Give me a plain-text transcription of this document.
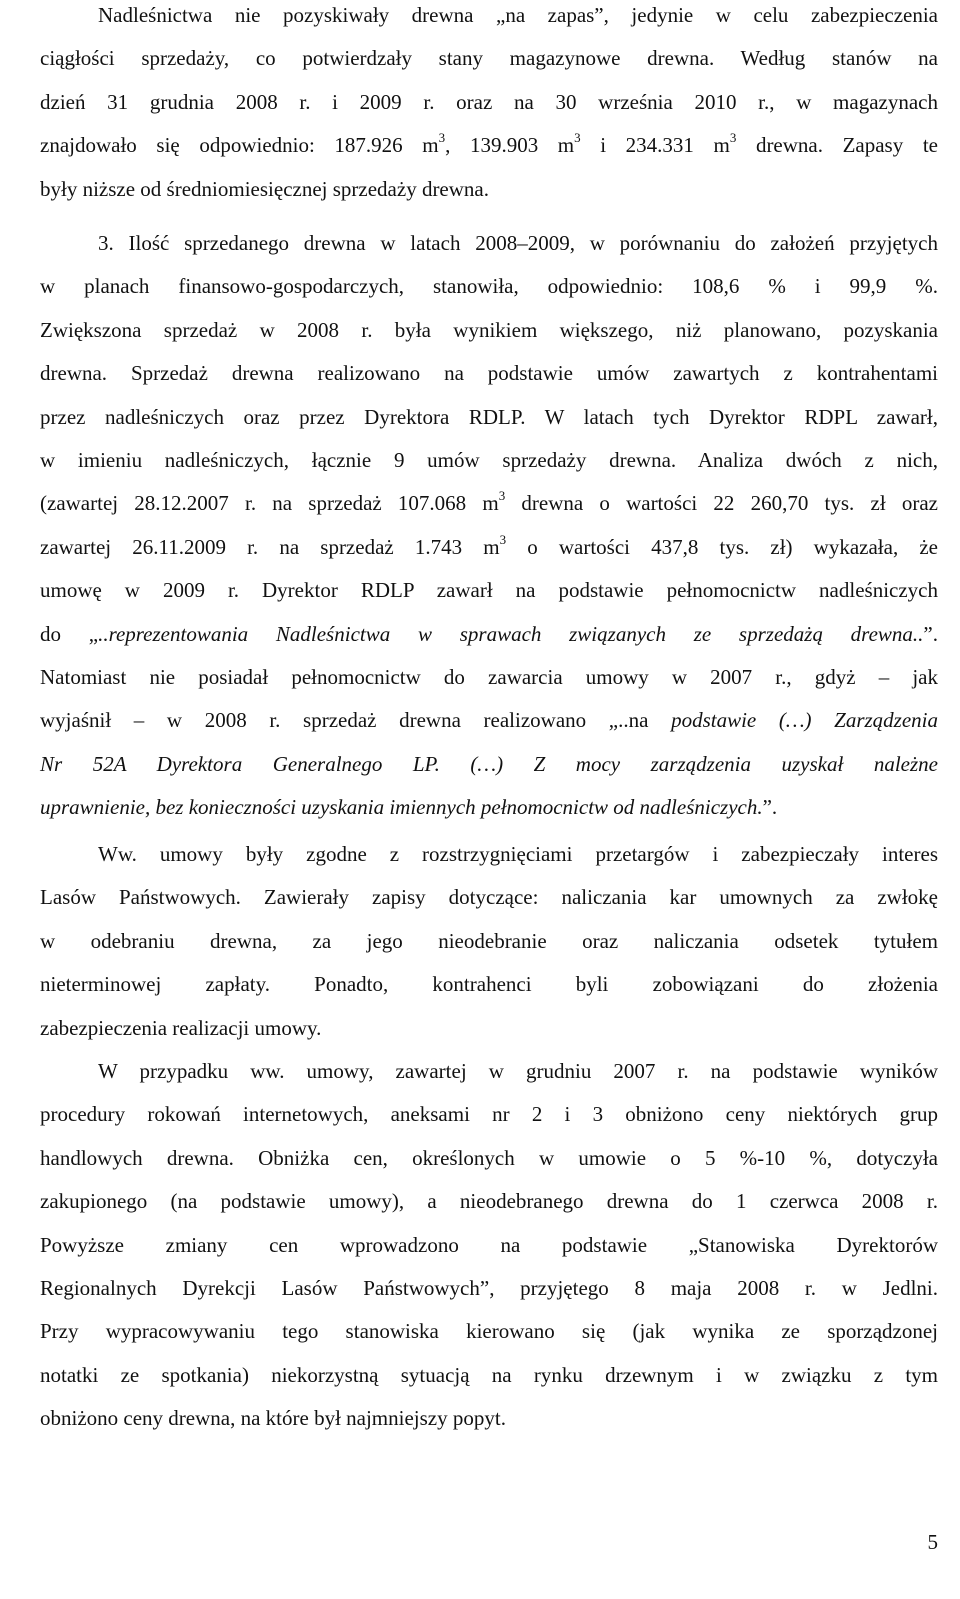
Nadleśnictwa nie pozyskiwały drewna „na zapas”, jedynie w celu zabezpieczenia
ciągłości sprzedaży, co potwierdzały stany magazynowe drewna. Według stanów na
dzień 31 grudnia 2008 r. i 2009 r. oraz na 30 września 2010 r., w magazynach
znajdowało się odpowiednio: 187.926 $m^3$, 139.903 $m^3$ i 234.331 $m^3$ drewna. Zapasy te
były niższe od średniomiesięcznej sprzedaży drewna.
3. Ilość sprzedanego drewna w latach 2008–2009, w porównaniu do założeń przyjętych
w planach finansowo-gospodarczych, stanowiła, odpowiednio: 108,6 % i 99,9 %.
Zwiększona sprzedaż w 2008 r. była wynikiem większego, niż planowano, pozyskania
drewna. Sprzedaż drewna realizowano na podstawie umów zawartych z kontrahentami
przez nadleśniczych oraz przez Dyrektora RDLP. W latach tych Dyrektor RDPL zawarł,
w imieniu nadleśniczych, łącznie 9 umów sprzedaży drewna. Analiza dwóch z nich,
(zawartej 28.12.2007 r. na sprzedaż 107.068 $m^3$ drewna o wartości 22 260,70 tys. zł oraz
zawartej 26.11.2009 r. na sprzedaż 1.743 $m^3$ o wartości 437,8 tys. zł) wykazała, że
umowę w 2009 r. Dyrektor RDLP zawarł na podstawie pełnomocnictw nadleśniczych
do „..reprezentowania Nadleśnictwa w sprawach związanych ze sprzedażą drewna..”.
Natomiast nie posiadał pełnomocnictw do zawarcia umowy w 2007 r., gdyż – jak
wyjaśnił – w 2008 r. sprzedaż drewna realizowano „..na podstawie (…) Zarządzenia
Nr 52A Dyrektora Generalnego LP. (…) Z mocy zarządzenia uzyskał należne
uprawnienie, bez konieczności uzyskania imiennych pełnomocnictw od nadleśniczych.”.
Ww. umowy były zgodne z rozstrzygnięciami przetargów i zabezpieczały interes
Lasów Państwowych. Zawierały zapisy dotyczące: naliczania kar umownych za zwłokę
w odebraniu drewna, za jego nieodebranie oraz naliczania odsetek tytułem
nieterminowej zapłaty. Ponadto, kontrahenci byli zobowiązani do złożenia
zabezpieczenia realizacji umowy.
W przypadku ww. umowy, zawartej w grudniu 2007 r. na podstawie wyników
procedury rokowań internetowych, aneksami nr 2 i 3 obniżono ceny niektórych grup
handlowych drewna. Obniżka cen, określonych w umowie o 5 %-10 %, dotyczyła
zakupionego (na podstawie umowy), a nieodebranego drewna do 1 czerwca 2008 r.
Powyższe zmiany cen wprowadzono na podstawie „Stanowiska Dyrektorów
Regionalnych Dyrekcji Lasów Państwowych”, przyjętego 8 maja 2008 r. w Jedlni.
Przy wypracowywaniu tego stanowiska kierowano się (jak wynika ze sporządzonej
notatki ze spotkania) niekorzystną sytuacją na rynku drzewnym i w związku z tym
obniżono ceny drewna, na które był najmniejszy popyt.
5
